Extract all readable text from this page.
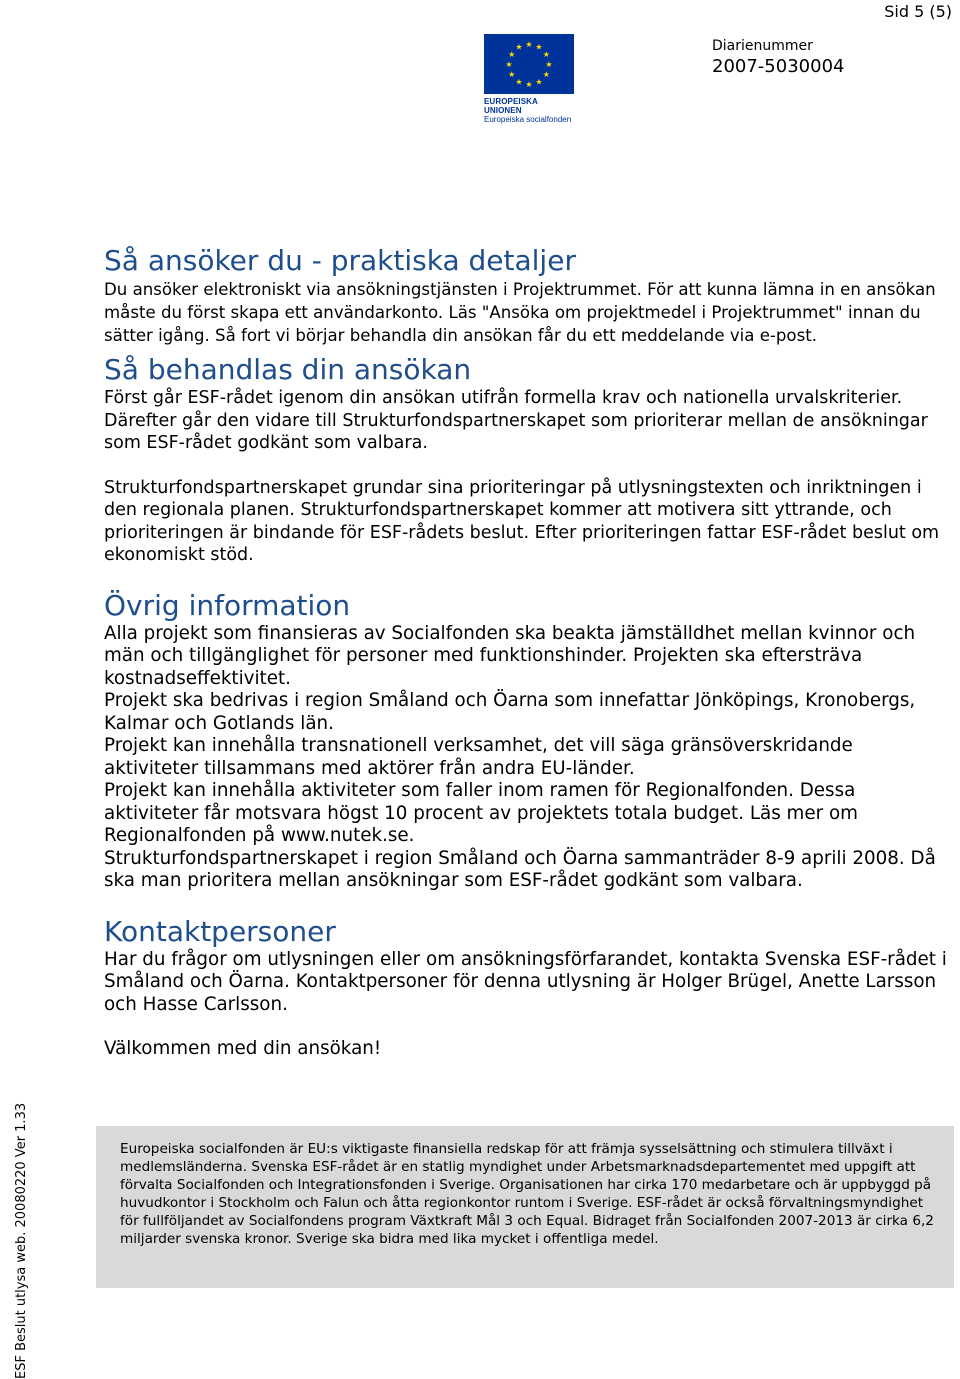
Sid 5 (5)
★ ★
★
★
★
★
★
★
★
★
★
★
EUROPEISKA UNIONEN
Europeiska socialfonden
Diarienummer
2007-5030004
Så ansöker du - praktiska detaljer

Du ansöker elektroniskt via ansökningstjänsten i Projektrummet. För att kunna lämna in en ansökan måste du först skapa ett användarkonto. Läs "Ansöka om projektmedel i Projektrummet" innan du sätter igång. Så fort vi börjar behandla din ansökan får du ett meddelande via e-post.

Så behandlas din ansökan

Först går ESF-rådet igenom din ansökan utifrån formella krav och nationella urvalskriterier. Därefter går den vidare till Strukturfondspartnerskapet som prioriterar mellan de ansökningar som ESF-rådet godkänt som valbara.

Strukturfondspartnerskapet grundar sina prioriteringar på utlysningstexten och inriktningen i den regionala planen. Strukturfondspartnerskapet kommer att motivera sitt yttrande, och prioriteringen är bindande för ESF-rådets beslut. Efter prioriteringen fattar ESF-rådet beslut om ekonomiskt stöd.

Övrig information

Alla projekt som finansieras av Socialfonden ska beakta jämställdhet mellan kvinnor och män och tillgänglighet för personer med funktionshinder. Projekten ska eftersträva kostnadseffektivitet.

Projekt ska bedrivas i region Småland och Öarna som innefattar Jönköpings, Kronobergs, Kalmar och Gotlands län.

Projekt kan innehålla transnationell verksamhet, det vill säga gränsöverskridande aktiviteter tillsammans med aktörer från andra EU-länder.

Projekt kan innehålla aktiviteter som faller inom ramen för Regionalfonden. Dessa aktiviteter får motsvara högst 10 procent av projektets totala budget. Läs mer om Regionalfonden på www.nutek.se.

Strukturfondspartnerskapet i region Småland och Öarna sammanträder 8-9 aprili 2008. Då ska man prioritera mellan ansökningar som ESF-rådet godkänt som valbara.

Kontaktpersoner

Har du frågor om utlysningen eller om ansökningsförfarandet, kontakta Svenska ESF-rådet i Småland och Öarna. Kontaktpersoner för denna utlysning är Holger Brügel, Anette Larsson och Hasse Carlsson.

Välkommen med din ansökan!

Europeiska socialfonden är EU:s viktigaste finansiella redskap för att främja sysselsättning och stimulera tillväxt i medlemsländerna. Svenska ESF-rådet är en statlig myndighet under Arbetsmarknadsdepartementet med uppgift att förvalta Socialfonden och Integrationsfonden i Sverige. Organisationen har cirka 170 medarbetare och är uppbyggd på huvudkontor i Stockholm och Falun och åtta regionkontor runtom i Sverige. ESF-rådet är också förvaltningsmyndighet för fullföljandet av Socialfondens program Växtkraft Mål 3 och Equal. Bidraget från Socialfonden 2007-2013 är cirka 6,2 miljarder svenska kronor. Sverige ska bidra med lika mycket i offentliga medel.

ESF Beslut utlysa web. 20080220 Ver 1.33
